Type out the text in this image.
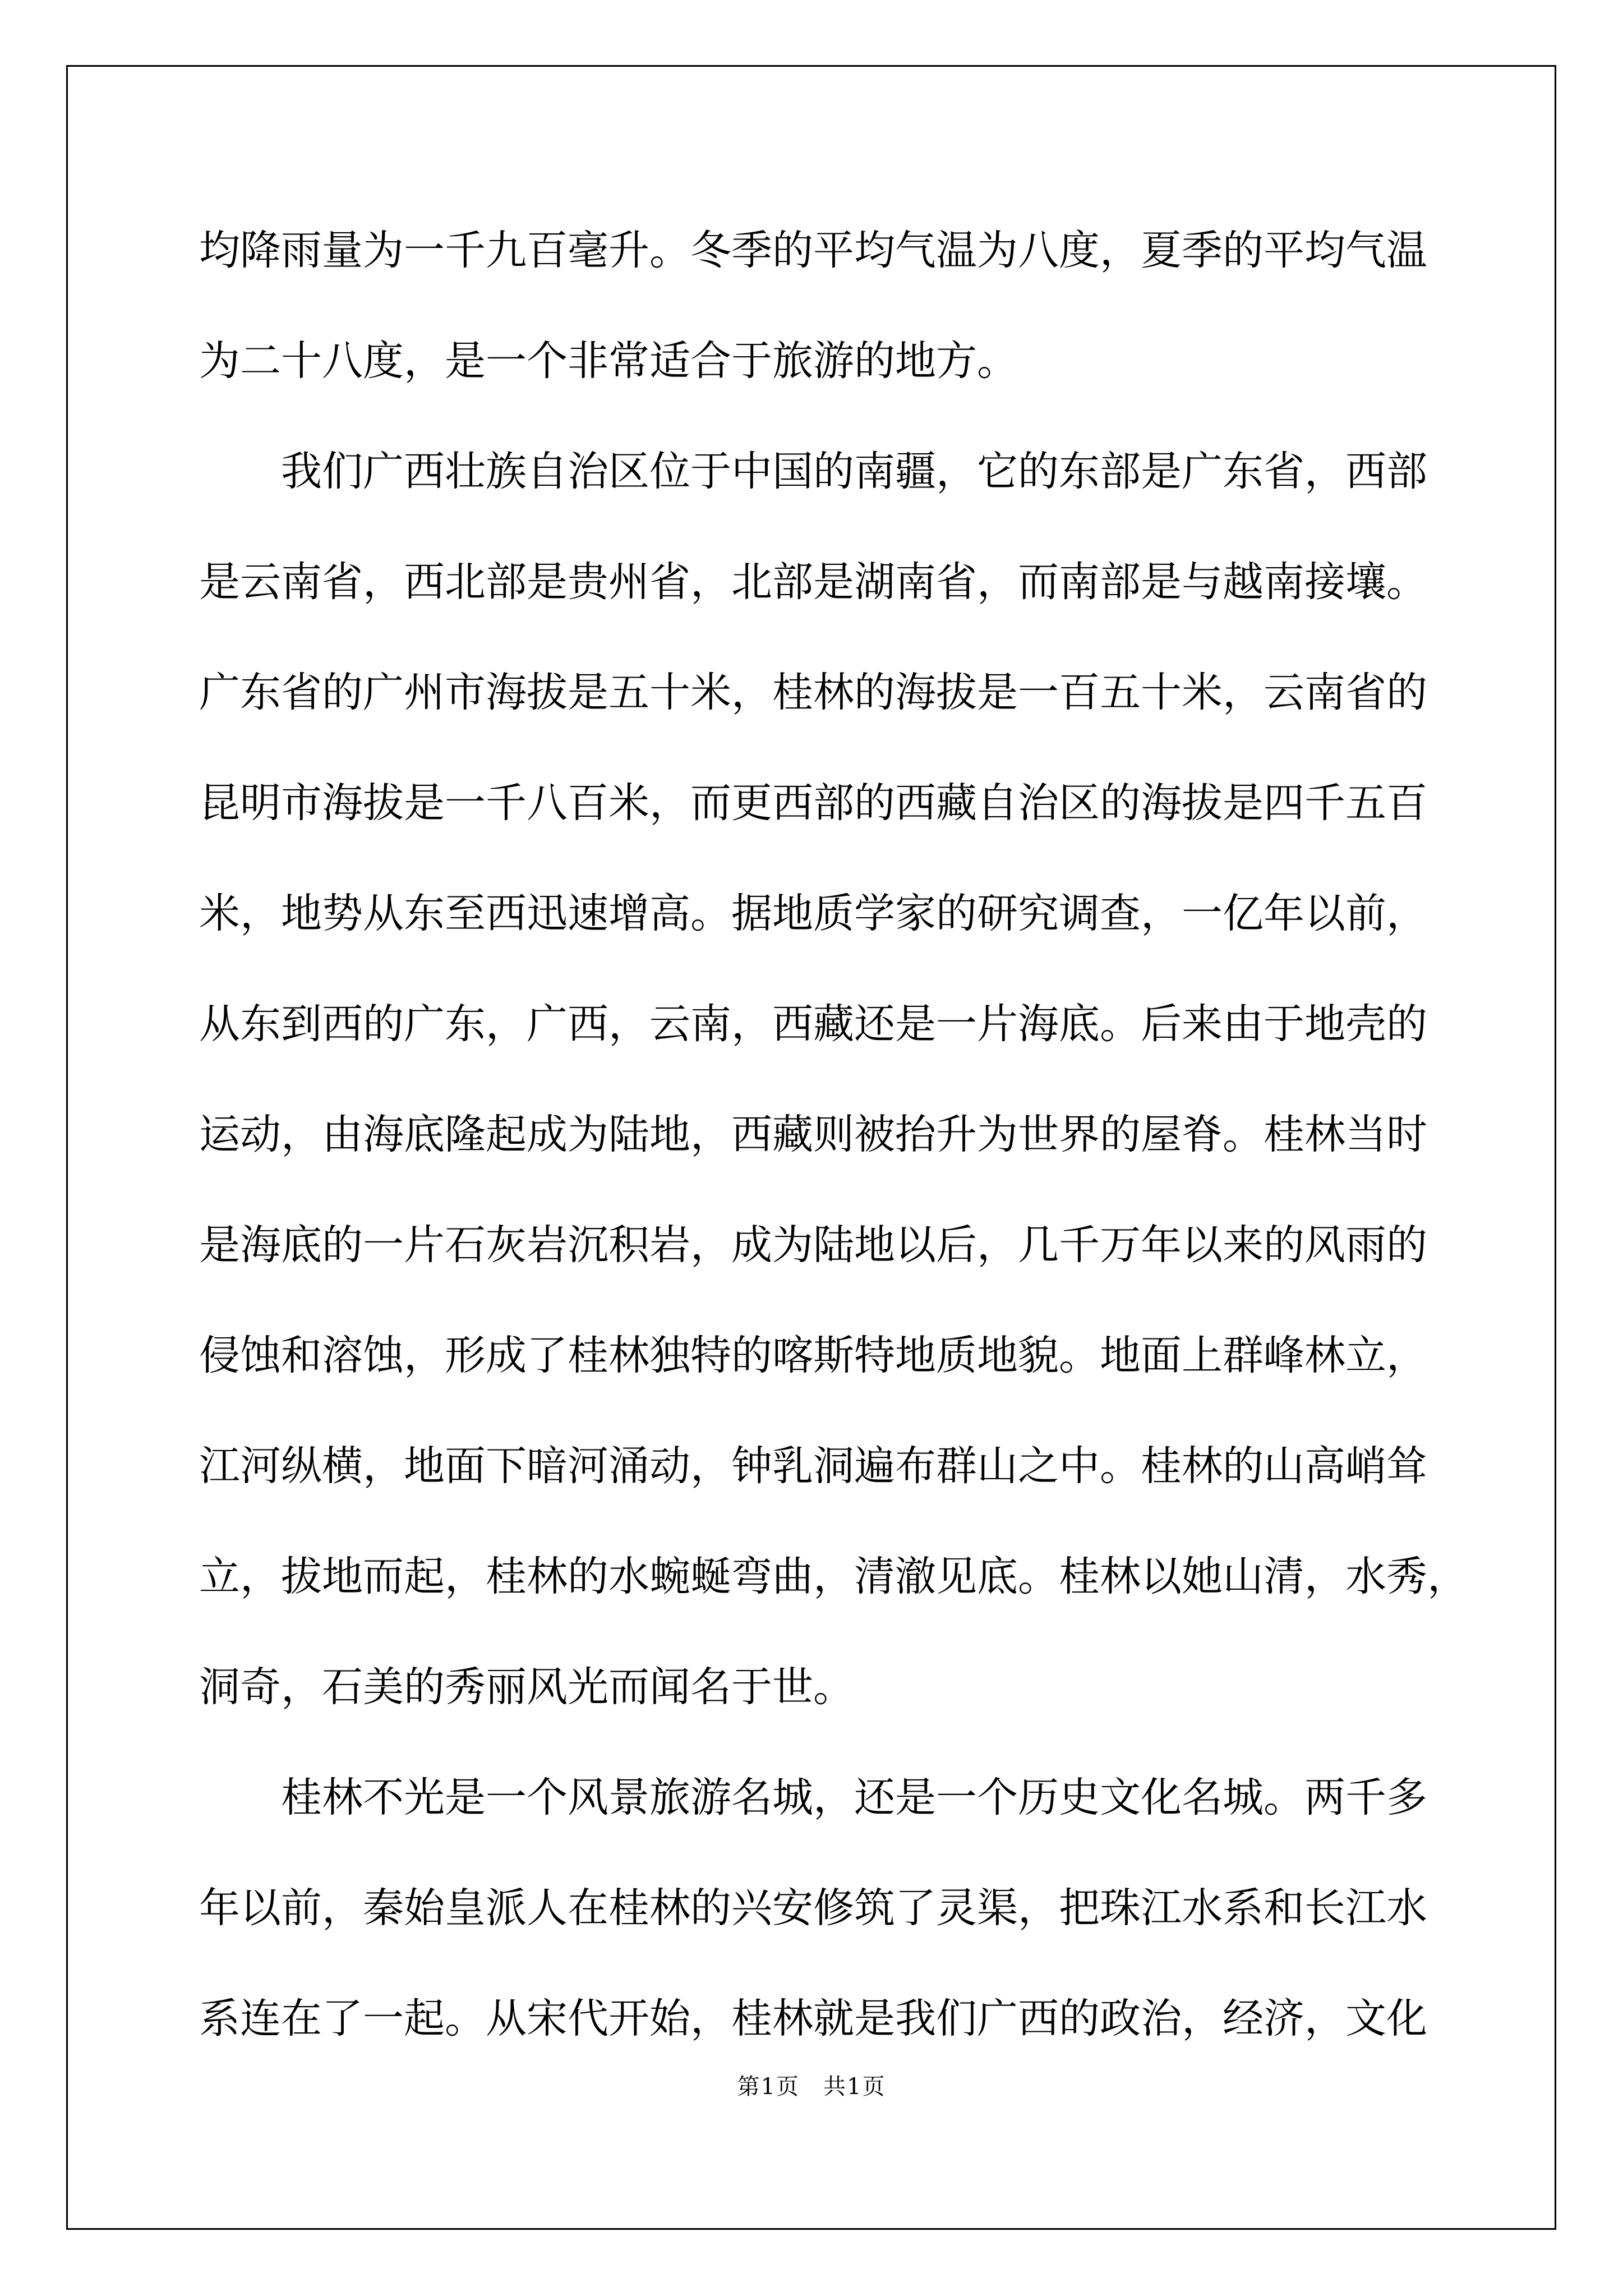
均降雨量为一千九百毫升。冬季的平均气温为八度，夏季的平均气温
为二十八度，是一个非常适合于旅游的地方。
　　我们广西壮族自治区位于中国的南疆，它的东部是广东省，西部
是云南省，西北部是贵州省，北部是湖南省，而南部是与越南接壤。
广东省的广州市海拔是五十米，桂林的海拔是一百五十米，云南省的
昆明市海拔是一千八百米，而更西部的西藏自治区的海拔是四千五百
米，地势从东至西迅速增高。据地质学家的研究调查，一亿年以前，
从东到西的广东，广西，云南，西藏还是一片海底。后来由于地壳的
运动，由海底隆起成为陆地，西藏则被抬升为世界的屋脊。桂林当时
是海底的一片石灰岩沉积岩，成为陆地以后，几千万年以来的风雨的
侵蚀和溶蚀，形成了桂林独特的喀斯特地质地貌。地面上群峰林立，
江河纵横，地面下暗河涌动，钟乳洞遍布群山之中。桂林的山高峭耸
立，拔地而起，桂林的水蜿蜒弯曲，清澈见底。桂林以她山清，水秀，
洞奇，石美的秀丽风光而闻名于世。
　　桂林不光是一个风景旅游名城，还是一个历史文化名城。两千多
年以前，秦始皇派人在桂林的兴安修筑了灵渠，把珠江水系和长江水
系连在了一起。从宋代开始，桂林就是我们广西的政治，经济，文化
第1页　共1页
